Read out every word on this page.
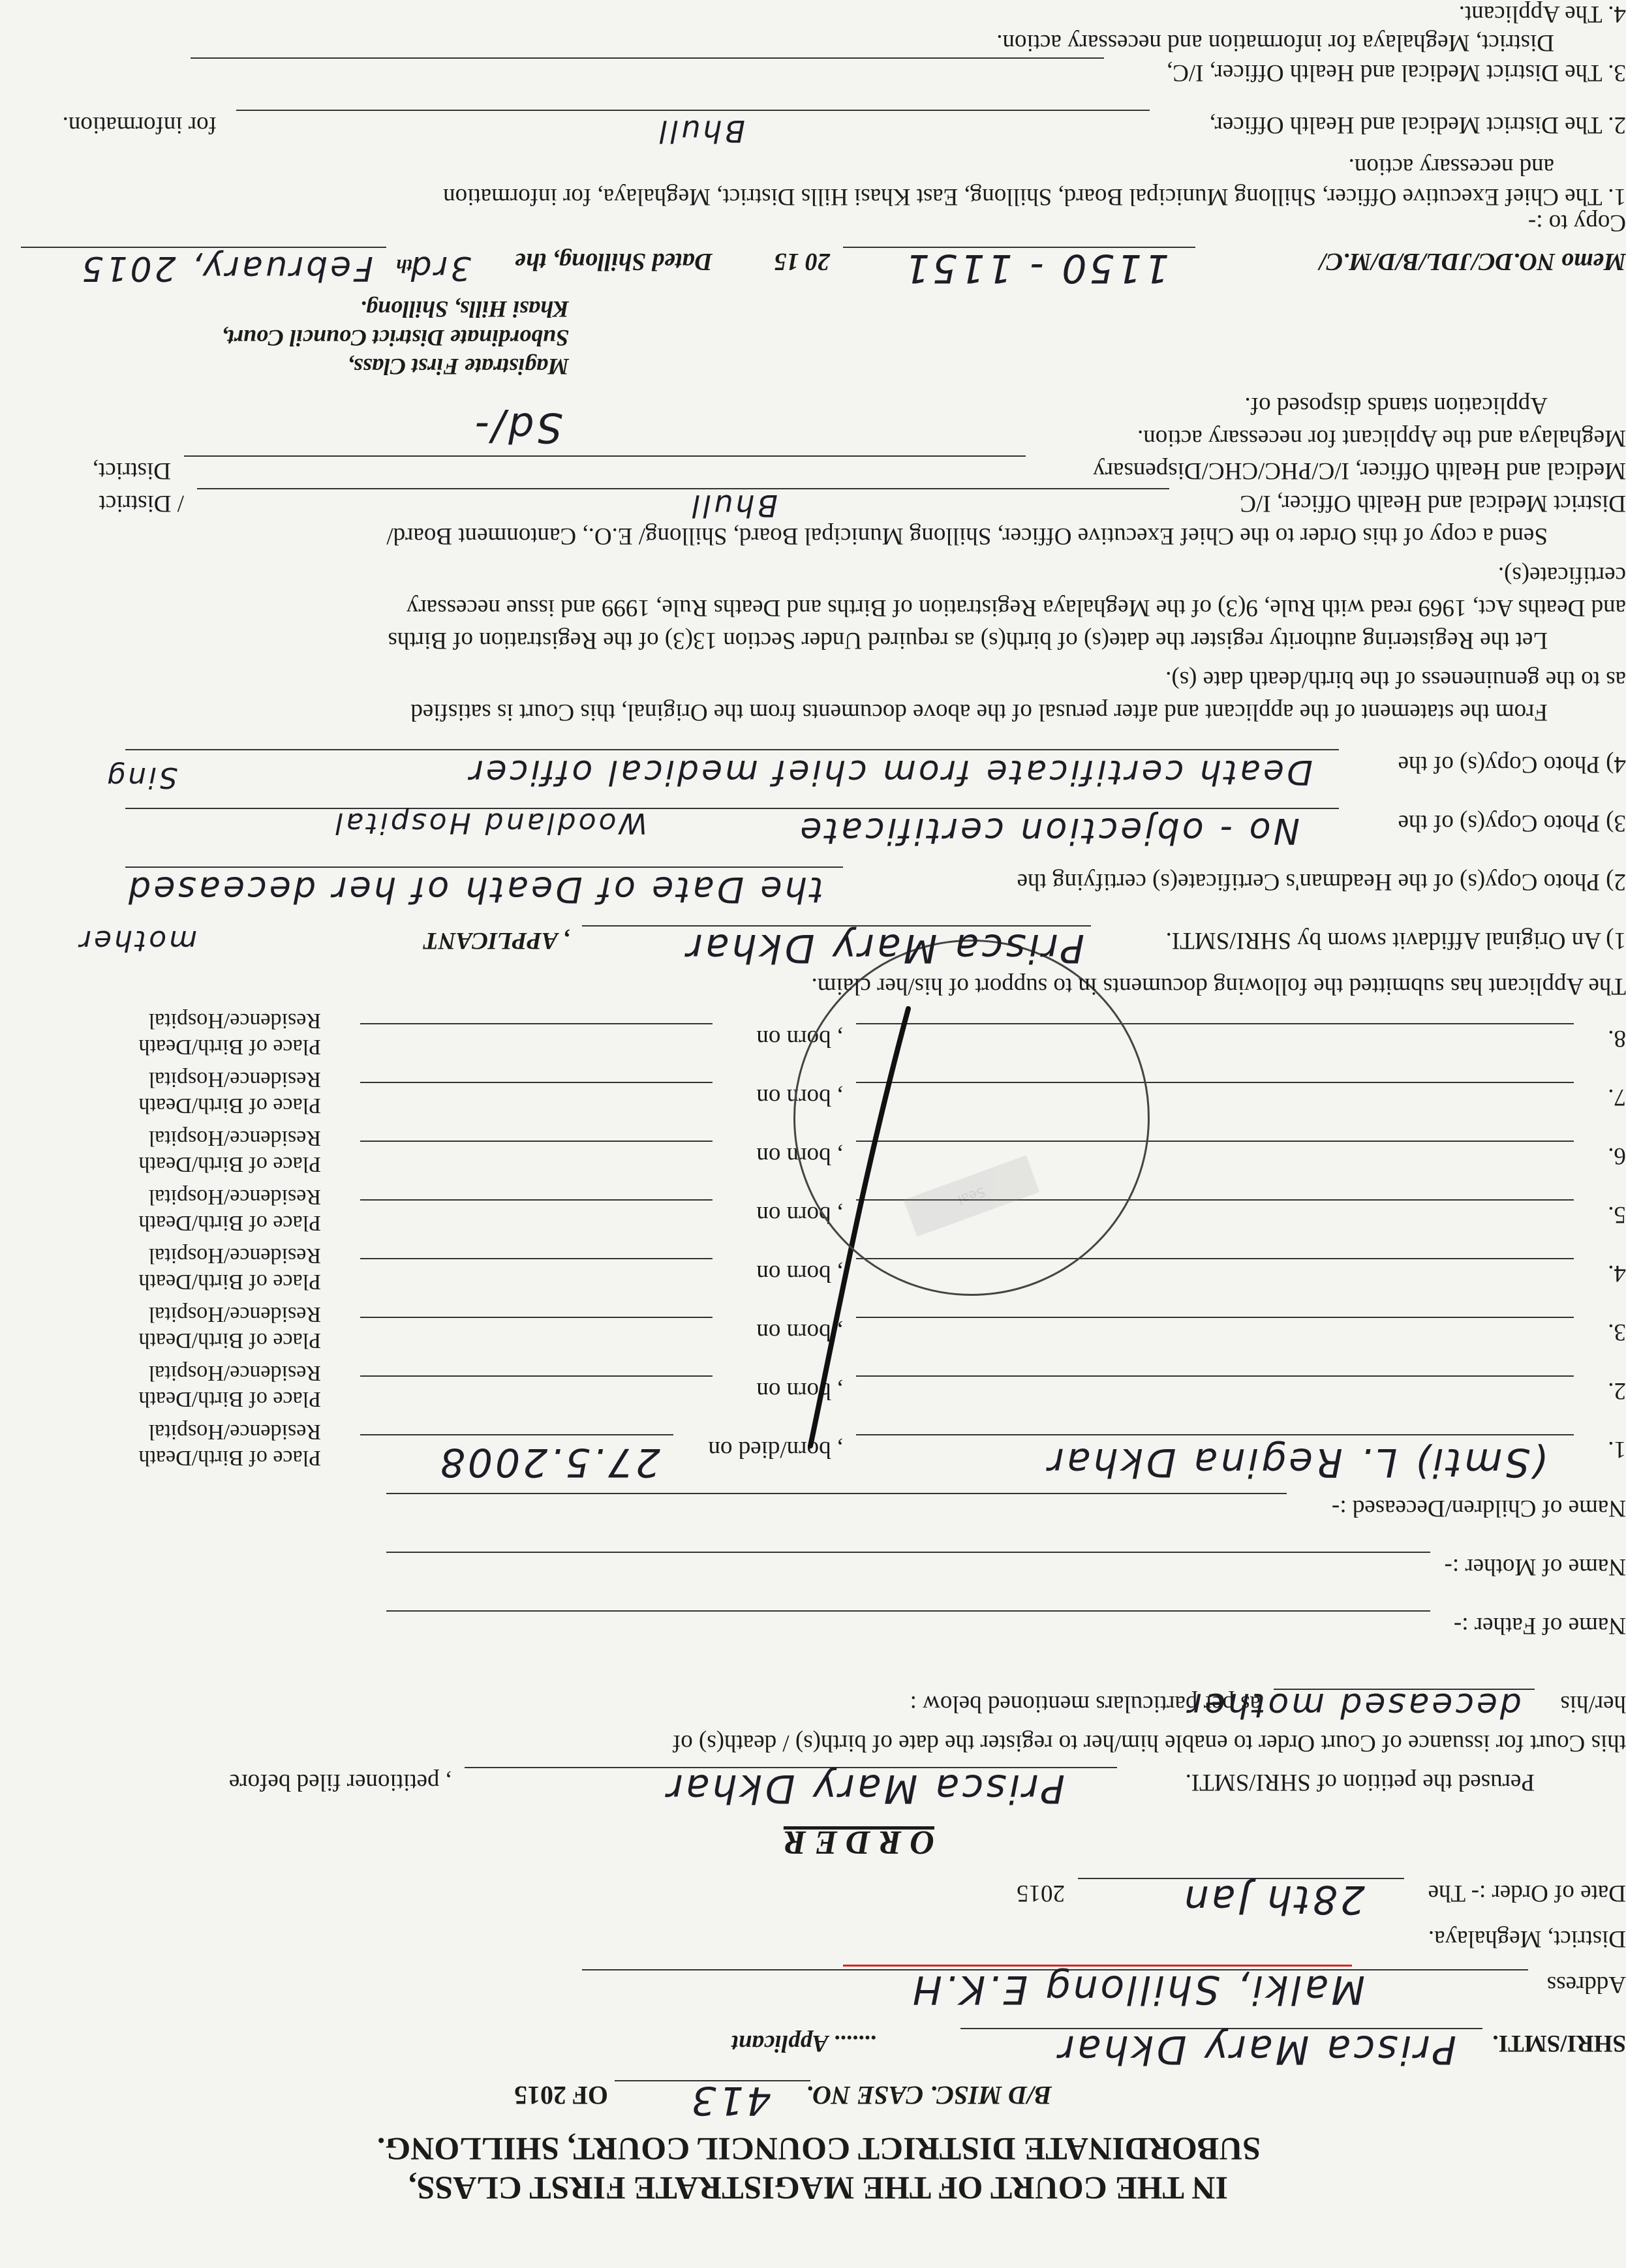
IN THE COURT OF THE MAGISTRATE FIRST CLASS,
SUBORDINATE DISTRICT COUNCIL COURT, SHILLONG.
B/D MISC. CASE NO.
413
OF 2015
SHRI/SMTI.
Prisca Mary Dkhar
....... Applicant
Address
Malki, Shillong E.K.H
District, Meghalaya.
Date of Order :- The
28th Jan
2015
O R D E R
Perused the petition of SHRI/SMTI.
Prisca Mary Dkhar
, petitioner filed before
this Court for issuance of Court Order to enable him/her to register the date of birth(s) / death(s) of
her/his
deceased mother
as per particulars mentioned below :
Name of Father :-
Name of Mother :-
Name of Children/Deceased :-
1.
(Smti) L. Regina Dkhar
, born/died on
27.5.2008
Place of Birth/Death
Residence/Hospital
2.
, born on
Place of Birth/Death
Residence/Hospital
3.
, born on
Place of Birth/Death
Residence/Hospital
4.
, born on
Place of Birth/Death
Residence/Hospital
5.
, born on
Place of Birth/Death
Residence/Hospital
6.
, born on
Place of Birth/Death
Residence/Hospital
7.
, born on
Place of Birth/Death
Residence/Hospital
8.
, born on
Place of Birth/Death
Residence/Hospital
Seal
The Applicant has submitted the following documents in to support of his/her claim.
1) An Original Affidavit sworn by SHRI/SMTI.
Prisca Mary Dkhar
, APPLICANT
mother
2) Photo Copy(s) of the Headman's Certificate(s) certifying the
the Date of Death of her deceased
3) Photo Copy(s) of the
No - objection certificate
Woodland Hospital
4) Photo Copy(s) of the
Death certificate from chief medical officer
Sing
From the statement of the applicant and after perusal of the above documents from the Original, this Court is satisfied
as to the genuineness of the birth/death date (s).
Let the Registering authority register the date(s) of birth(s) as required Under Section 13(3) of the Registration of Births
and Deaths Act, 1969 read with Rule, 9(3) of the Meghalaya Registration of Births and Deaths Rule, 1999 and issue necessary
certificate(s).
Send a copy of this Order to the Chief Executive Officer, Shillong Municipal Board, Shillong/ E.O., Cantonment Board/
District Medical and Health Officer, I/C
Bhull
/ District
Medical and Health Officer, I/C/PHC/CHC/Dispensary
District,
Meghalaya and the Applicant for necessary action.
Application stands disposed of.
Sd/-
Magistrate First Class,
Subordinate District Council Court,
Khasi Hills, Shillong.
Memo NO.DC/JDL/B/D/M.C/
1150 - 1151
20 15
Dated Shillong, the
3rd
th
February, 2015
Copy to :-
1. The Chief Executive Officer, Shillong Municipal Board, Shillong, East Khasi Hills District, Meghalaya, for information
and necessary action.
2. The District Medical and Health Officer,
Bhull
for information.
3. The District Medical and Health Officer, I/C,
District, Meghalaya for information and necessary action.
4. The Applicant.
